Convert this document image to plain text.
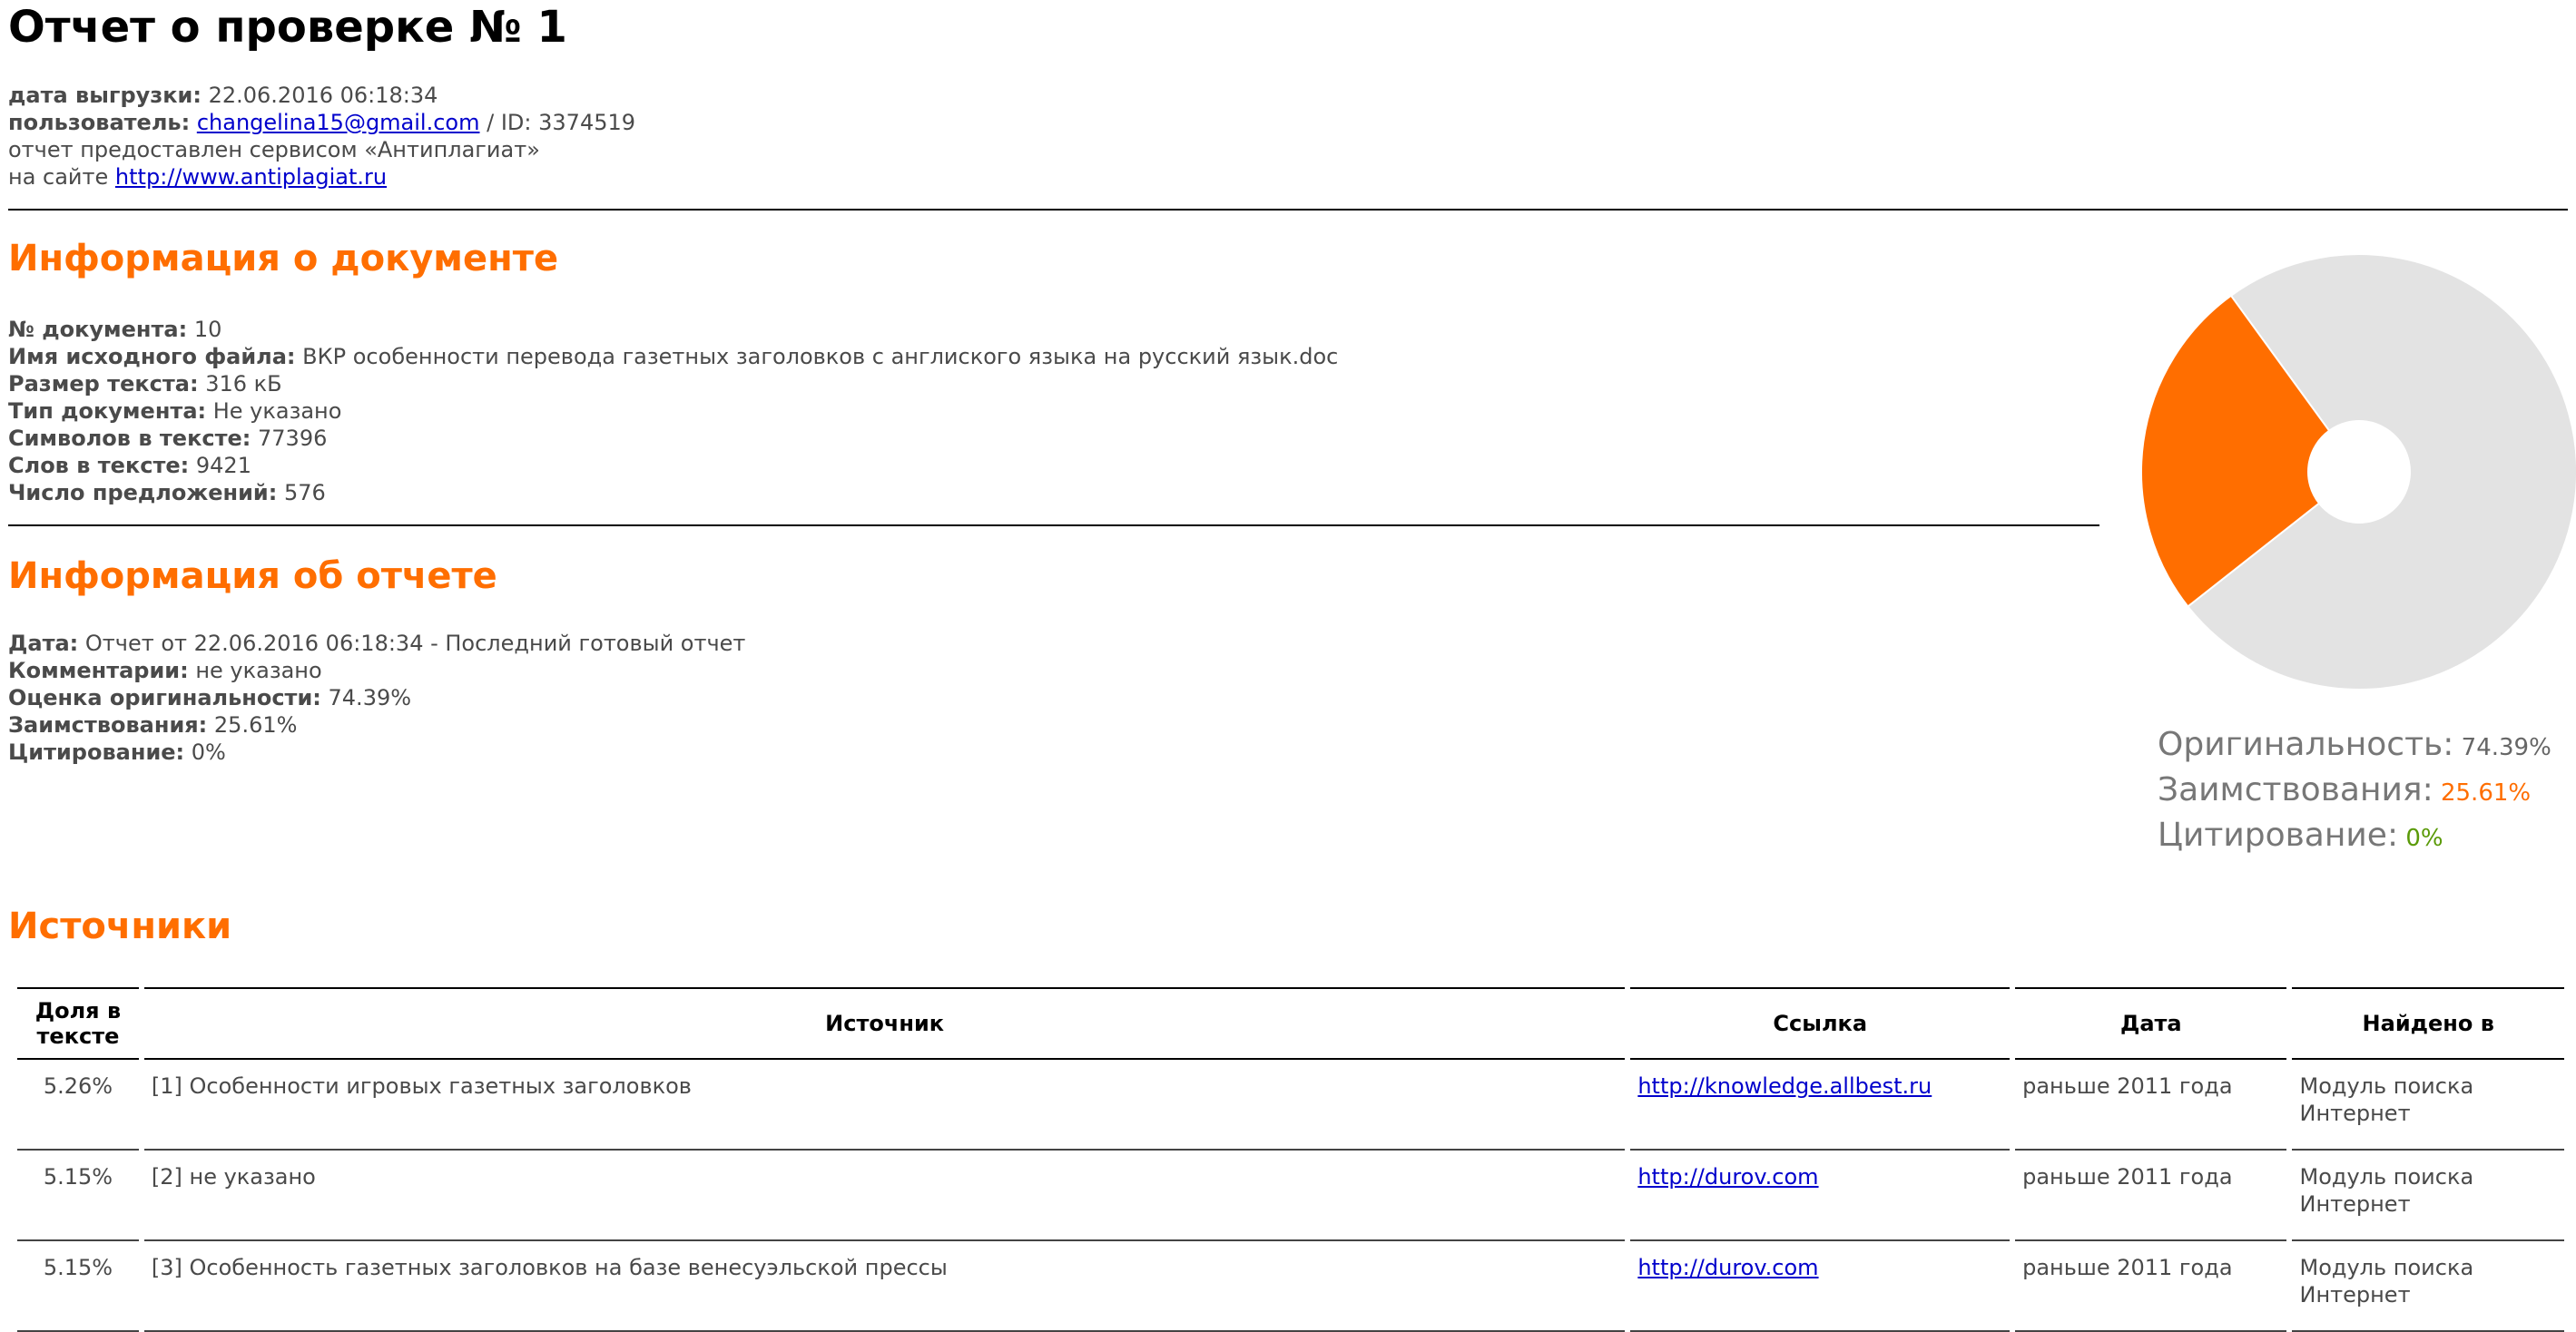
Отчет о проверке № 1
дата выгрузки: 22.06.2016 06:18:34
пользователь: changelina15@gmail.com / ID: 3374519
отчет предоставлен сервисом «Антиплагиат»
на сайте http://www.antiplagiat.ru
Информация о документе
№ документа: 10
Имя исходного файла: ВКР особенности перевода газетных заголовков с англиского языка на русский язык.doc
Размер текста: 316 кБ
Тип документа: Не указано
Символов в тексте: 77396
Слов в тексте: 9421
Число предложений: 576
Информация об отчете
Дата: Отчет от 22.06.2016 06:18:34 - Последний готовый отчет
Комментарии: не указано
Оценка оригинальности: 74.39%
Заимствования: 25.61%
Цитирование: 0%	Оригинальность: 74.39%
Заимствования: 25.61%
Цитирование: 0%
Источники
Доля в тексте	Источник	Ссылка	Дата	Найдено в
5.26%	[1] Особенности игровых газетных заголовков	http://knowledge.allbest.ru	раньше 2011 года	Модуль поиска Интернет
5.15%	[2] не указано	http://durov.com	раньше 2011 года	Модуль поиска Интернет
5.15%	[3] Особенность газетных заголовков на базе венесуэльской прессы	http://durov.com	раньше 2011 года	Модуль поиска Интернет
